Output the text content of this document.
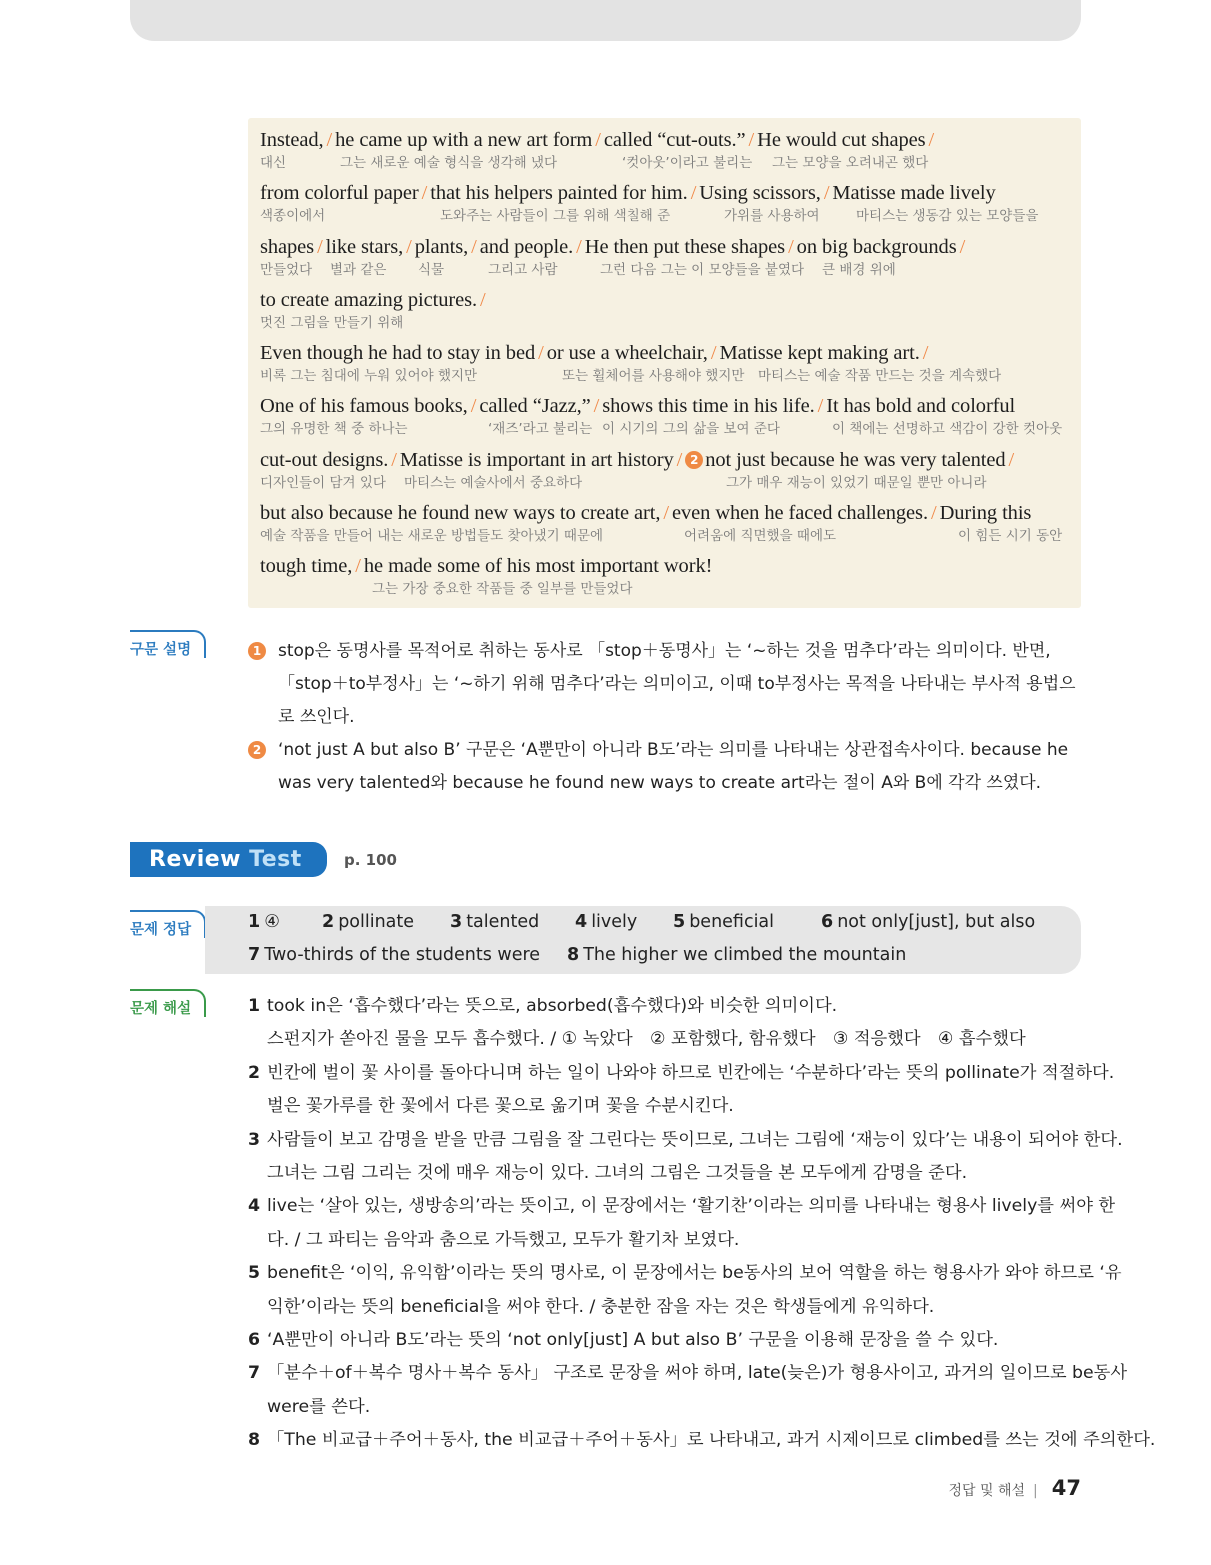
Instead, / he came up with a new art form / called “cut-outs.” / He would cut shapes /
대신	그는 새로운 예술 형식을 생각해 냈다	‘컷아웃’이라고 불리는 그는 모양을 오려내곤 했다
from colorful paper / that his helpers painted for him. / Using scissors, / Matisse made lively
색종이에서	도와주는 사람들이 그를 위해 색칠해 준	가위를 사용하여	마티스는 생동감 있는 모양들을
shapes / like stars, / plants, / and people. / He then put these shapes / on big backgrounds /
만들었다 별과 같은 식물	그리고 사람	그런 다음 그는 이 모양들을 붙였다 큰 배경 위에
to create amazing pictures. /
멋진 그림을 만들기 위해
Even though he had to stay in bed / or use a wheelchair, / Matisse kept making art. /
비록 그는 침대에 누워 있어야 했지만	또는 휠체어를 사용해야 했지만 마티스는 예술 작품 만드는 것을 계속했다
One of his famous books, / called “Jazz,” / shows this time in his life. / It has bold and colorful
그의 유명한 책 중 하나는	‘재즈’라고 불리는 이 시기의 그의 삶을 보여 준다	이 책에는 선명하고 색감이 강한 컷아웃
cut-out designs. / Matisse is important in art history / 2 not just because he was very talented /
디자인들이 담겨 있다 마티스는 예술사에서 중요하다	그가 매우 재능이 있었기 때문일 뿐만 아니라
but also because he found new ways to create art, / even when he faced challenges. / During this
예술 작품을 만들어 내는 새로운 방법들도 찾아냈기 때문에	어려움에 직면했을 때에도	이 힘든 시기 동안
tough time, / he made some of his most important work!
그는 가장 중요한 작품들 중 일부를 만들었다
구문 설명	1 stop은 동명사를 목적어로 취하는 동사로 「stop＋동명사」는 ‘~하는 것을 멈추다’라는 의미이다. 반면,
「stop＋to부정사」는 ‘~하기 위해 멈추다’라는 의미이고, 이때 to부정사는 목적을 나타내는 부사적 용법으로 쓰인다.
2 ‘not just A but also B’ 구문은 ‘A뿐만이 아니라 B도’라는 의미를 나타내는 상관접속사이다. because he
was very talented와 because he found new ways to create art라는 절이 A와 B에 각각 쓰였다.
Review Test	p. 100
문제 정답	1 ④ 2 pollinate 3 talented 4 lively 5 beneficial	6 not only[just], but also
7 Two-thirds of the students were 8 The higher we climbed the mountain
문제 해설	1 took in은 ‘흡수했다’라는 뜻으로, absorbed(흡수했다)와 비슷한 의미이다.
스펀지가 쏟아진 물을 모두 흡수했다. / ① 녹았다　② 포함했다, 함유했다　③ 적응했다　④ 흡수했다
2 빈칸에 벌이 꽃 사이를 돌아다니며 하는 일이 나와야 하므로 빈칸에는 ‘수분하다’라는 뜻의 pollinate가 적절하다.
벌은 꽃가루를 한 꽃에서 다른 꽃으로 옮기며 꽃을 수분시킨다.
3 사람들이 보고 감명을 받을 만큼 그림을 잘 그린다는 뜻이므로, 그녀는 그림에 ‘재능이 있다’는 내용이 되어야 한다.
그녀는 그림 그리는 것에 매우 재능이 있다. 그녀의 그림은 그것들을 본 모두에게 감명을 준다.
4 live는 ‘살아 있는, 생방송의’라는 뜻이고, 이 문장에서는 ‘활기찬’이라는 의미를 나타내는 형용사 lively를 써야 한
다. / 그 파티는 음악과 춤으로 가득했고, 모두가 활기차 보였다.
5 benefit은 ‘이익, 유익함’이라는 뜻의 명사로, 이 문장에서는 be동사의 보어 역할을 하는 형용사가 와야 하므로 ‘유
익한’이라는 뜻의 beneficial을 써야 한다. / 충분한 잠을 자는 것은 학생들에게 유익하다.
6 ‘A뿐만이 아니라 B도’라는 뜻의 ‘not only[just] A but also B’ 구문을 이용해 문장을 쓸 수 있다.
7 「분수＋of＋복수 명사＋복수 동사」 구조로 문장을 써야 하며, late(늦은)가 형용사이고, 과거의 일이므로 be동사
were를 쓴다.
8 「The 비교급＋주어＋동사, the 비교급＋주어＋동사」로 나타내고, 과거 시제이므로 climbed를 쓰는 것에 주의한다.
정답 및 해설 | 47
